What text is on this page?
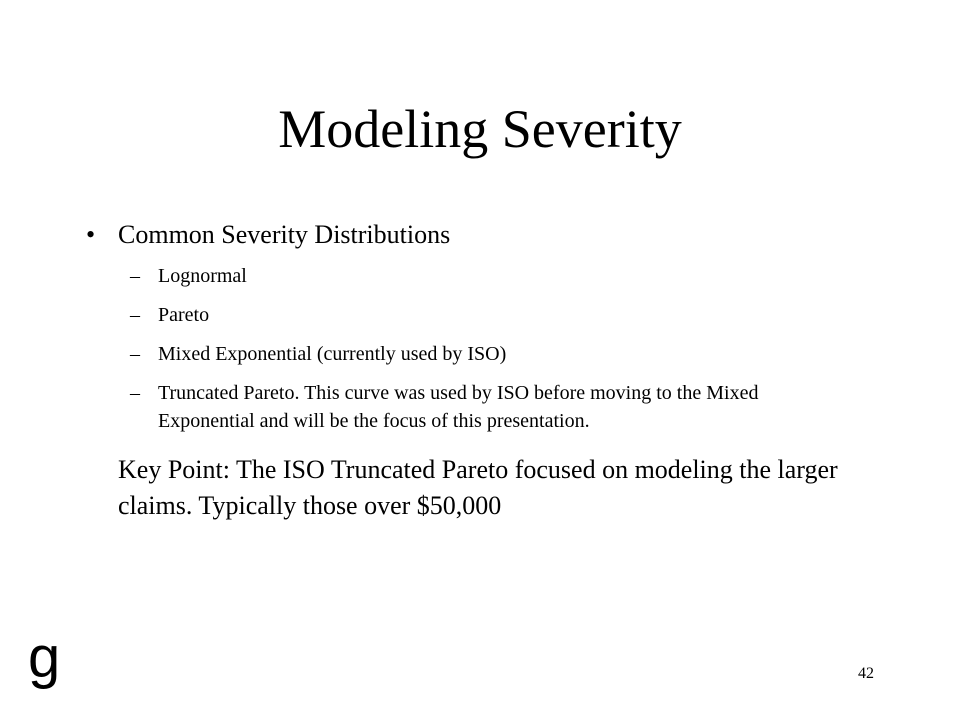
Modeling Severity
• Common Severity Distributions
– Lognormal
– Pareto
– Mixed Exponential (currently used by ISO)
– Truncated Pareto. This curve was used by ISO before moving to the Mixed Exponential and will be the focus of this presentation.
Key Point: The ISO Truncated Pareto focused on modeling the larger claims. Typically those over $50,000
g	42
